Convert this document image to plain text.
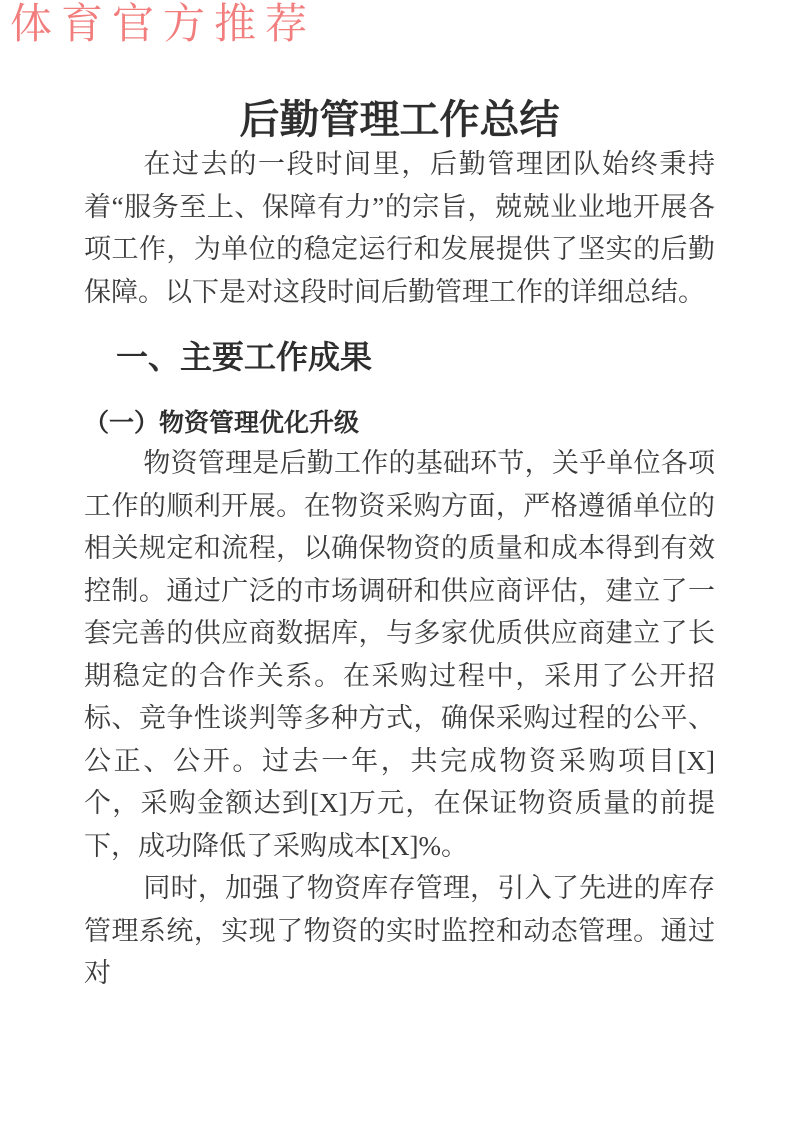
体育官方推荐
后勤管理工作总结

在过去的一段时间里，后勤管理团队始终秉持着“服务至上、保障有力”的宗旨，兢兢业业地开展各项工作，为单位的稳定运行和发展提供了坚实的后勤保障。以下是对这段时间后勤管理工作的详细总结。

一、主要工作成果
（一）物资管理优化升级

物资管理是后勤工作的基础环节，关乎单位各项工作的顺利开展。在物资采购方面，严格遵循单位的相关规定和流程，以确保物资的质量和成本得到有效控制。通过广泛的市场调研和供应商评估，建立了一套完善的供应商数据库，与多家优质供应商建立了长期稳定的合作关系。在采购过程中，采用了公开招标、竞争性谈判等多种方式，确保采购过程的公平、公正、公开。过去一年，共完成物资采购项目[X]个，采购金额达到[X]万元，在保证物资质量的前提下，成功降低了采购成本[X]%。

同时，加强了物资库存管理，引入了先进的库存管理系统，实现了物资的实时监控和动态管理。通过对
